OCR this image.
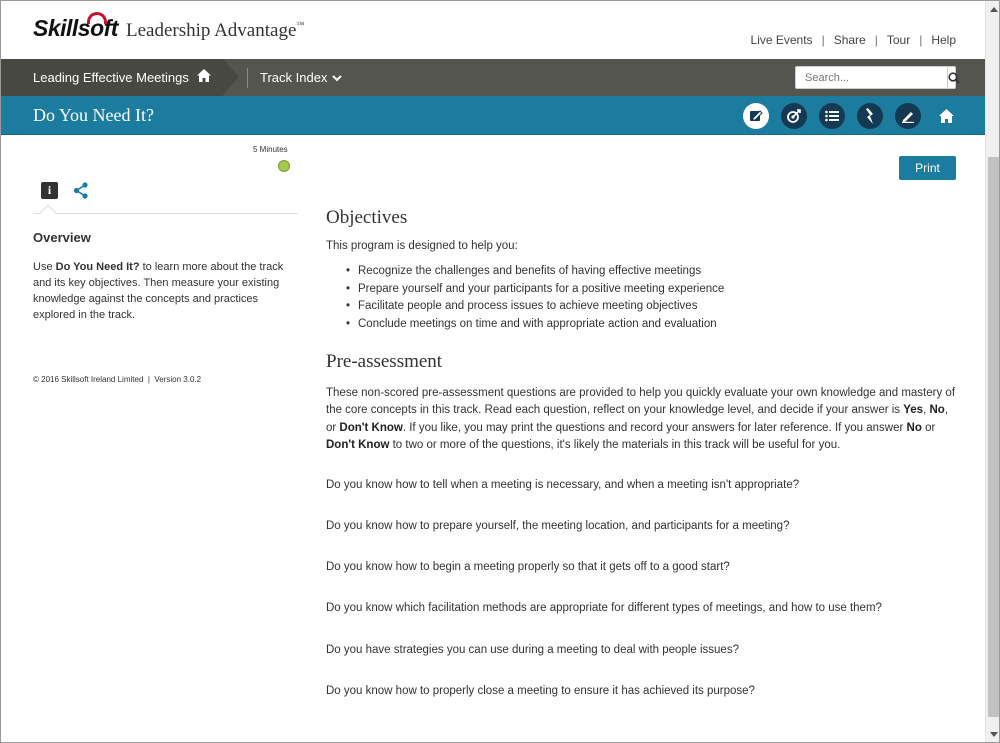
Skillsoft Leadership Advantage™
Live Events | Share | Tour | Help
Leading Effective Meetings	Track Index
Search...
Do You Need It?
5 Minutes
i
Overview
Use Do You Need It? to learn more about the track and its key objectives. Then measure your existing knowledge against the concepts and practices explored in the track.
© 2016 Skillsoft Ireland Limited  |  Version 3.0.2
Print
Objectives
This program is designed to help you:
• Recognize the challenges and benefits of having effective meetings
• Prepare yourself and your participants for a positive meeting experience
• Facilitate people and process issues to achieve meeting objectives
• Conclude meetings on time and with appropriate action and evaluation
Pre-assessment
These non-scored pre-assessment questions are provided to help you quickly evaluate your own knowledge and mastery of the core concepts in this track. Read each question, reflect on your knowledge level, and decide if your answer is Yes, No, or Don't Know. If you like, you may print the questions and record your answers for later reference. If you answer No or Don't Know to two or more of the questions, it's likely the materials in this track will be useful for you.
Do you know how to tell when a meeting is necessary, and when a meeting isn't appropriate?
Do you know how to prepare yourself, the meeting location, and participants for a meeting?
Do you know how to begin a meeting properly so that it gets off to a good start?
Do you know which facilitation methods are appropriate for different types of meetings, and how to use them?
Do you have strategies you can use during a meeting to deal with people issues?
Do you know how to properly close a meeting to ensure it has achieved its purpose?
